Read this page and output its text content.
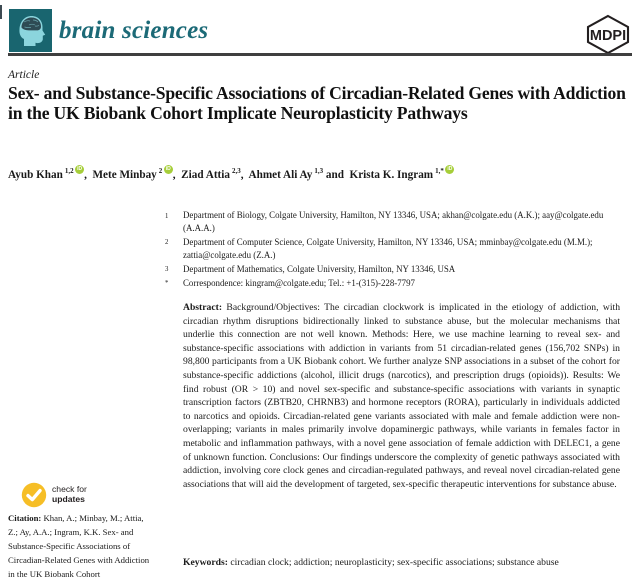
brain sciences	MDPI
Article
Sex- and Substance-Specific Associations of Circadian-Related Genes with Addiction in the UK Biobank Cohort Implicate Neuroplasticity Pathways
Ayub Khan $^{1,2}$ iD ,  Mete Minbay $^2$ iD ,  Ziad Attia $^{2,3}$,  Ahmet Ali Ay $^{1,3}$ and  Krista K. Ingram $^{1,*}$iD
1	Department of Biology, Colgate University, Hamilton, NY 13346, USA; akhan@colgate.edu (A.K.); aay@colgate.edu (A.A.A.)
2	Department of Computer Science, Colgate University, Hamilton, NY 13346, USA; mminbay@colgate.edu (M.M.); zattia@colgate.edu (Z.A.)
3	Department of Mathematics, Colgate University, Hamilton, NY 13346, USA
*	Correspondence: kingram@colgate.edu; Tel.: +1-(315)-228-7797
Abstract: Background/Objectives: The circadian clockwork is implicated in the etiology of addiction, with circadian rhythm disruptions bidirectionally linked to substance abuse, but the molecular mechanisms that underlie this connection are not well known. Methods: Here, we use machine learning to reveal sex- and substance-specific associations with addiction in variants from 51 circadian-related genes (156,702 SNPs) in 98,800 participants from a UK Biobank cohort. We further analyze SNP associations in a subset of the cohort for substance-specific addictions (alcohol, illicit drugs (narcotics), and prescription drugs (opioids)). Results: We find robust (OR > 10) and novel sex-specific and substance-specific associations with variants in synaptic transcription factors (ZBTB20, CHRNB3) and hormone receptors (RORA), particularly in individuals addicted to narcotics and opioids. Circadian-related gene variants associated with male and female addiction were non-overlapping; variants in males primarily involve dopaminergic pathways, while variants in females factor in metabolic and inflammation pathways, with a novel gene association of female addiction with DELEC1, a gene of unknown function. Conclusions: Our findings underscore the complexity of genetic pathways associated with addiction, involving core clock genes and circadian-regulated pathways, and reveal novel circadian-related gene associations that will aid the development of targeted, sex-specific therapeutic interventions for substance abuse.
Keywords: circadian clock; addiction; neuroplasticity; sex-specific associations; substance abuse
check for
updates
Citation: Khan, A.; Minbay, M.; Attia, Z.; Ay, A.A.; Ingram, K.K. Sex- and Substance-Specific Associations of Circadian-Related Genes with Addiction in the UK Biobank Cohort
